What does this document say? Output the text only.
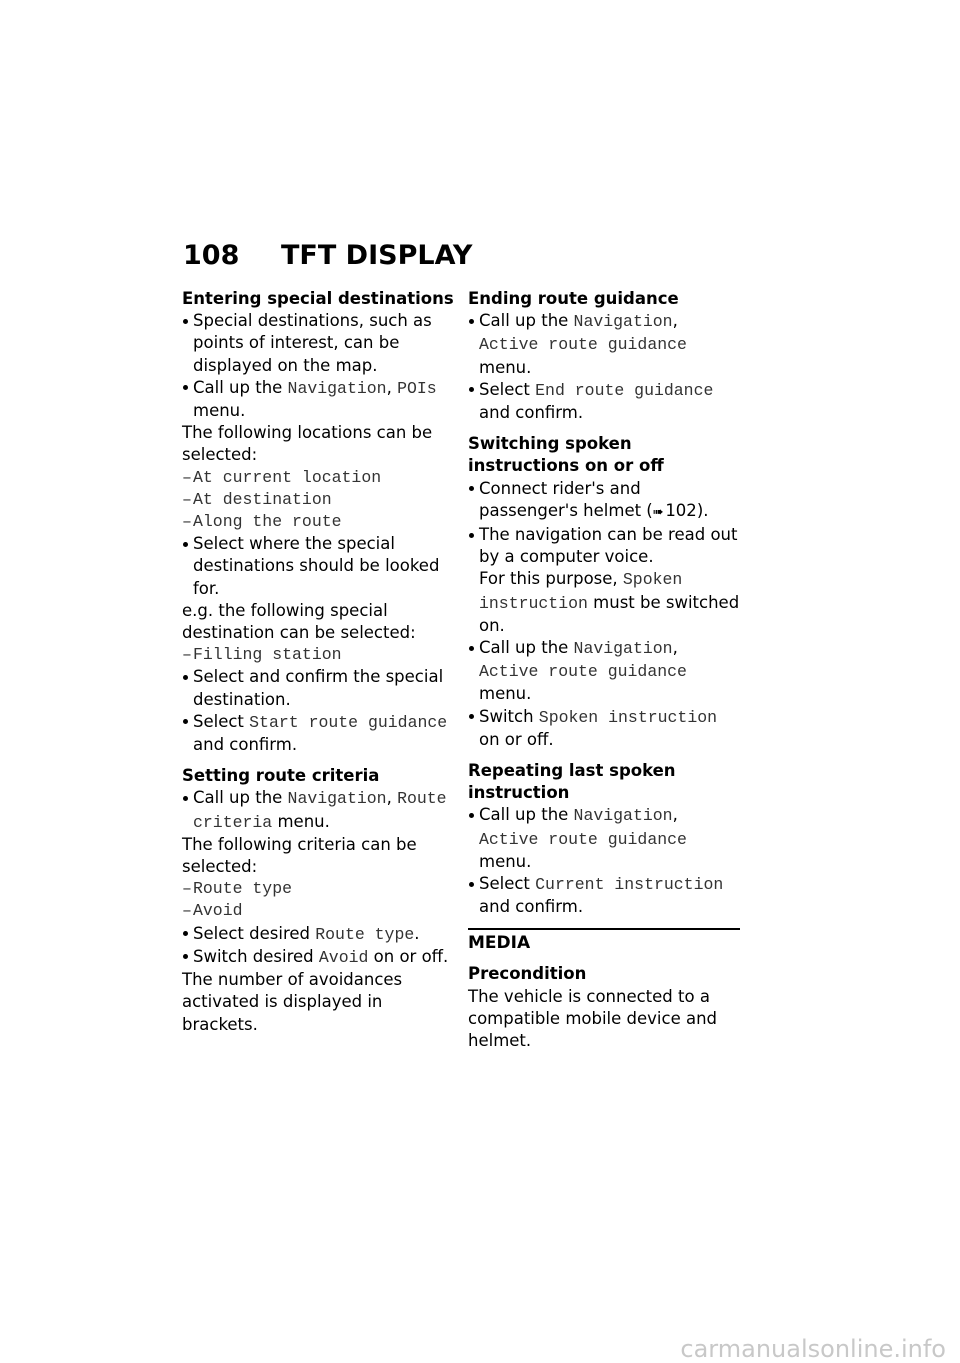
108	TFT DISPLAY
Entering special destinations
Special destinations, such as points of interest, can be displayed on the map.
Call up the Navigation, POIs menu.

The following locations can be selected:

– At current location
– At destination
– Along the route
Select where the special destinations should be looked for.

e.g. the following special destination can be selected:

– Filling station
Select and confirm the special destination.
Select Start route guidance and confirm.
Setting route criteria
Call up the Navigation, Route criteria menu.

The following criteria can be selected:

– Route type
– Avoid
Select desired Route type.
Switch desired Avoid on or off.

The number of avoidances activated is displayed in brackets.

Ending route guidance
Call up the Navigation, Active route guidance menu.
Select End route guidance and confirm.
Switching spoken instructions on or off
Connect rider's and passenger's helmet (➠  102).
The navigation can be read out by a computer voice.
For this purpose, Spoken instruction must be switched on.
Call up the Navigation, Active route guidance menu.
Switch Spoken instruction on or off.
Repeating last spoken instruction
Call up the Navigation, Active route guidance menu.
Select Current instruction and confirm.
MEDIA
Precondition

The vehicle is connected to a compatible mobile device and helmet.

carmanualsonline.info
